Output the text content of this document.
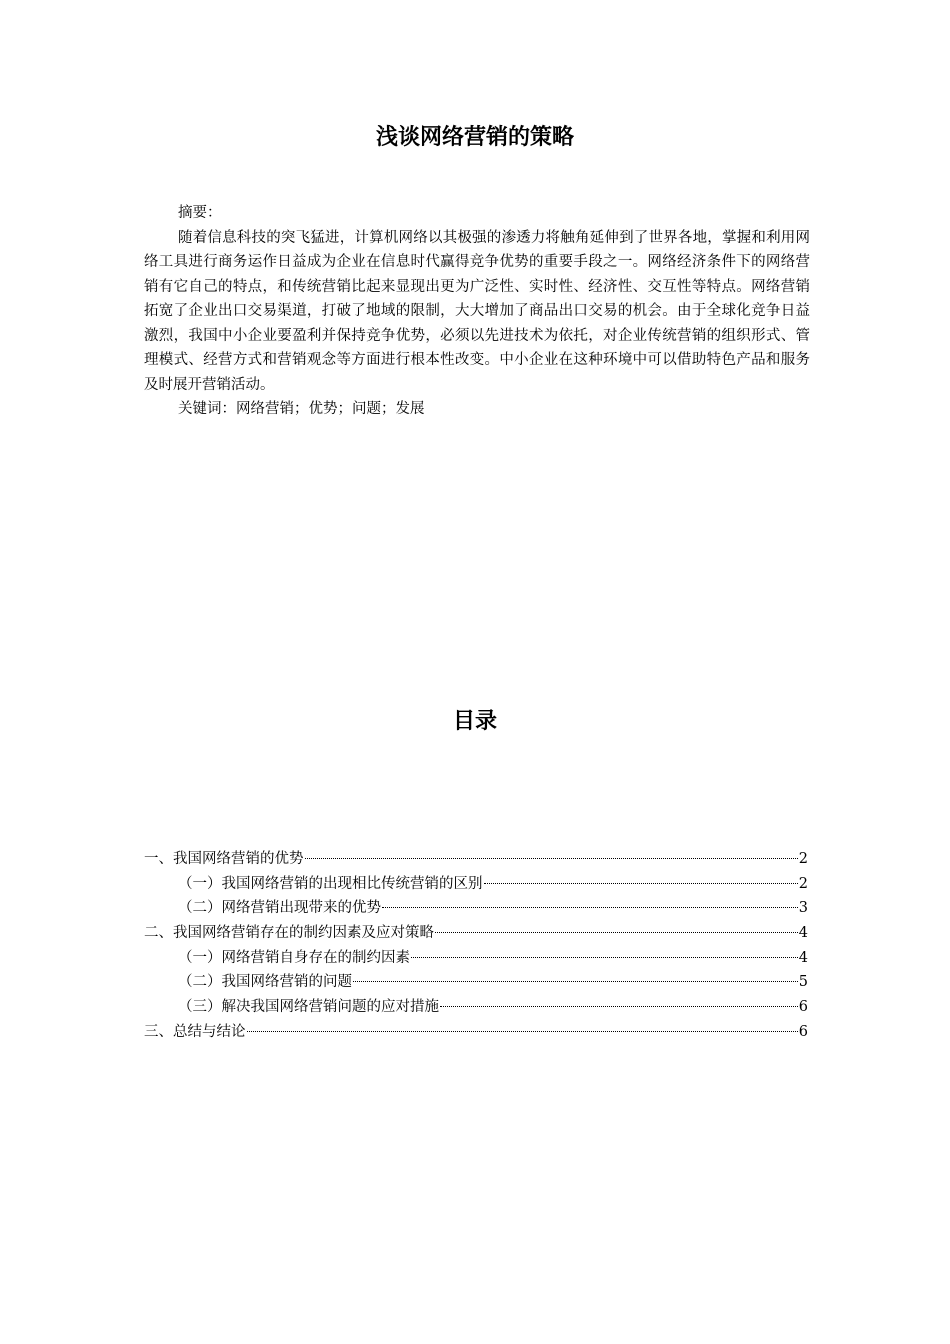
浅谈网络营销的策略

摘要：

随着信息科技的突飞猛进，计算机网络以其极强的渗透力将触角延伸到了世界各地，掌握和利用网络工具进行商务运作日益成为企业在信息时代赢得竞争优势的重要手段之一。网络经济条件下的网络营销有它自己的特点，和传统营销比起来显现出更为广泛性、实时性、经济性、交互性等特点。网络营销拓宽了企业出口交易渠道，打破了地域的限制，大大增加了商品出口交易的机会。由于全球化竞争日益激烈，我国中小企业要盈利并保持竞争优势，必须以先进技术为依托，对企业传统营销的组织形式、管理模式、经营方式和营销观念等方面进行根本性改变。中小企业在这种环境中可以借助特色产品和服务及时展开营销活动。

关键词：网络营销；优势；问题；发展

目录
一、我国网络营销的优势	2
（一）我国网络营销的出现相比传统营销的区别	2
（二）网络营销出现带来的优势	3
二、我国网络营销存在的制约因素及应对策略	4
（一）网络营销自身存在的制约因素	4
（二）我国网络营销的问题	5
（三）解决我国网络营销问题的应对措施	6
三、总结与结论	6
